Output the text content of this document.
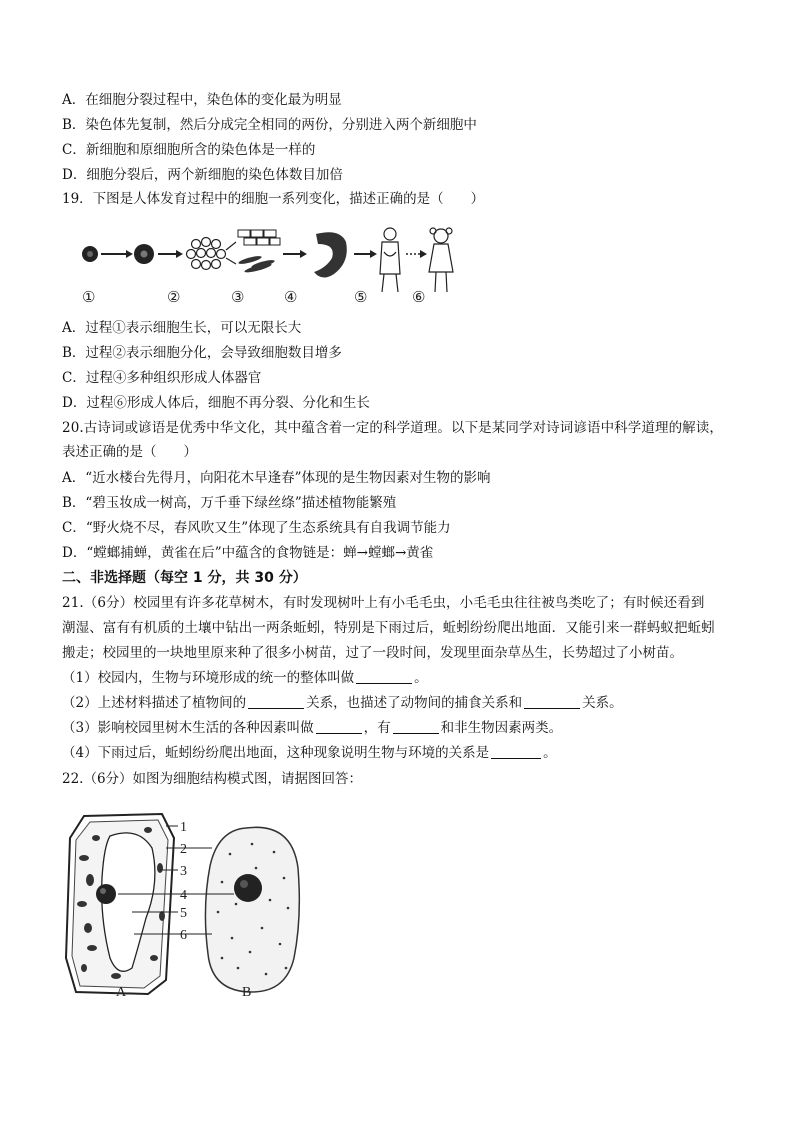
A．在细胞分裂过程中，染色体的变化最为明显
B．染色体先复制，然后分成完全相同的两份，分别进入两个新细胞中
C．新细胞和原细胞所含的染色体是一样的
D．细胞分裂后，两个新细胞的染色体数目加倍
19．下图是人体发育过程中的细胞一系列变化，描述正确的是（　　）
①	②	③	④	⑤	⑥
A．过程①表示细胞生长，可以无限长大
B．过程②表示细胞分化，会导致细胞数目增多
C．过程④多种组织形成人体器官
D．过程⑥形成人体后，细胞不再分裂、分化和生长
20.古诗词或谚语是优秀中华文化，其中蕴含着一定的科学道理。以下是某同学对诗词谚语中科学道理的解读，
表述正确的是（　　）
A．“近水楼台先得月，向阳花木早逢春”体现的是生物因素对生物的影响
B．“碧玉妆成一树高，万千垂下绿丝绦”描述植物能繁殖
C．“野火烧不尽，春风吹又生”体现了生态系统具有自我调节能力
D．“螳螂捕蝉，黄雀在后”中蕴含的食物链是：蝉→螳螂→黄雀
二、非选择题（每空 1 分，共 30 分）
21.（6分）校园里有许多花草树木，有时发现树叶上有小毛毛虫，小毛毛虫往往被鸟类吃了；有时候还看到
潮湿、富有有机质的土壤中钻出一两条蚯蚓，特别是下雨过后，蚯蚓纷纷爬出地面．又能引来一群蚂蚁把蚯蚓
搬走；校园里的一块地里原来种了很多小树苗，过了一段时间，发现里面杂草丛生，长势超过了小树苗。
（1）校园内，生物与环境形成的统一的整体叫做	。
（2）上述材料描述了植物间的	关系，也描述了动物间的捕食关系和	关系。
（3）影响校园里树木生活的各种因素叫做	，有	和非生物因素两类。
（4）下雨过后，蚯蚓纷纷爬出地面，这种现象说明生物与环境的关系是	。
22.（6分）如图为细胞结构模式图，请据图回答：
1
2
3
4
5
6
A	B
